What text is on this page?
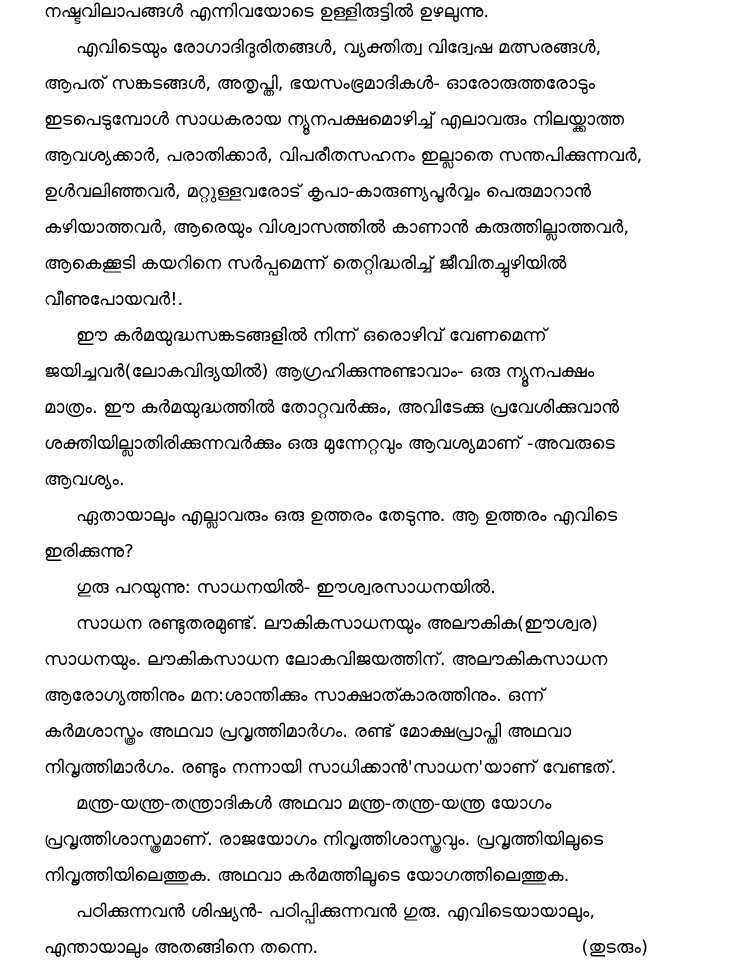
നഷ്ടവിലാപങ്ങൾ എന്നിവയോടെ ഉള്ളിരുട്ടിൽ ഉഴലുന്നു.
എവിടെയും രോഗാദിദുരിതങ്ങൾ, വ്യക്തിത്വ വിദ്വേഷ മത്സരങ്ങൾ,
ആപത് സങ്കടങ്ങൾ, അതൃപ്തി, ഭയസംഭ്രമാദികൾ- ഓരോരുത്തരോടും
ഇടപെടുമ്പോൾ സാധകരായ ന്യൂനപക്ഷമൊഴിച്ച് എലാവരും നിലയ്ക്കാത്ത
ആവശ്യക്കാർ, പരാതിക്കാർ, വിപരീതസഹനം ഇല്ലാതെ സന്തപിക്കുന്നവർ,
ഉൾവലിഞ്ഞവർ, മറ്റുള്ളവരോട് കൃപാ-കാരുണ്യപൂർവ്വം പെരുമാറാൻ
കഴിയാത്തവർ, ആരെയും വിശ്വാസത്തിൽ കാണാൻ കരുത്തില്ലാത്തവർ,
ആകെക്കൂടി കയറിനെ സർപ്പമെന്ന് തെറ്റിദ്ധരിച്ച് ജീവിതച്ചുഴിയിൽ
വീണുപോയവർ!.
ഈ കർമയുദ്ധസങ്കടങ്ങളിൽ നിന്ന് ഒരൊഴിവ് വേണമെന്ന്
ജയിച്ചവർ(ലോകവിദ്യയിൽ) ആഗ്രഹിക്കുന്നുണ്ടാവാം- ഒരു ന്യൂനപക്ഷം
മാത്രം. ഈ കർമയുദ്ധത്തിൽ തോറ്റവർക്കും, അവിടേക്കു പ്രവേശിക്കുവാൻ
ശക്തിയില്ലാതിരിക്കുന്നവർക്കും ഒരു മുന്നേറ്റവും ആവശ്യമാണ് -അവരുടെ
ആവശ്യം.
ഏതായാലും എല്ലാവരും ഒരു ഉത്തരം തേടുന്നു. ആ ഉത്തരം എവിടെ
ഇരിക്കുന്നു?
ഗുരു പറയുന്നു: സാധനയിൽ- ഈശ്വരസാധനയിൽ.
സാധന രണ്ടുതരമുണ്ട്. ലൗകികസാധനയും അലൗകിക(ഈശ്വര)
സാധനയും. ലൗകികസാധന ലോകവിജയത്തിന്. അലൗകികസാധന
ആരോഗ്യത്തിനും മന:ശാന്തിക്കും സാക്ഷാത്കാരത്തിനും. ഒന്ന്
കർമശാസ്ത്രം അഥവാ പ്രവൃത്തിമാർഗം. രണ്ട് മോക്ഷപ്രാപ്തി അഥവാ
നിവൃത്തിമാർഗം. രണ്ടും നന്നായി സാധിക്കാൻ'സാധന'യാണ് വേണ്ടത്.
മന്ത്ര-യന്ത്ര-തന്ത്രാദികൾ അഥവാ മന്ത്ര-തന്ത്ര-യന്ത്ര യോഗം
പ്രവൃത്തിശാസ്ത്രമാണ്. രാജയോഗം നിവൃത്തിശാസ്ത്രവും. പ്രവൃത്തിയിലൂടെ
നിവൃത്തിയിലെത്തുക. അഥവാ കർമത്തിലൂടെ യോഗത്തിലെത്തുക.
പഠിക്കുന്നവൻ ശിഷ്യൻ- പഠിപ്പിക്കുന്നവൻ ഗുരു. എവിടെയായാലും,
എന്തായാലും അതങ്ങിനെ തന്നെ.	(തുടരും)
